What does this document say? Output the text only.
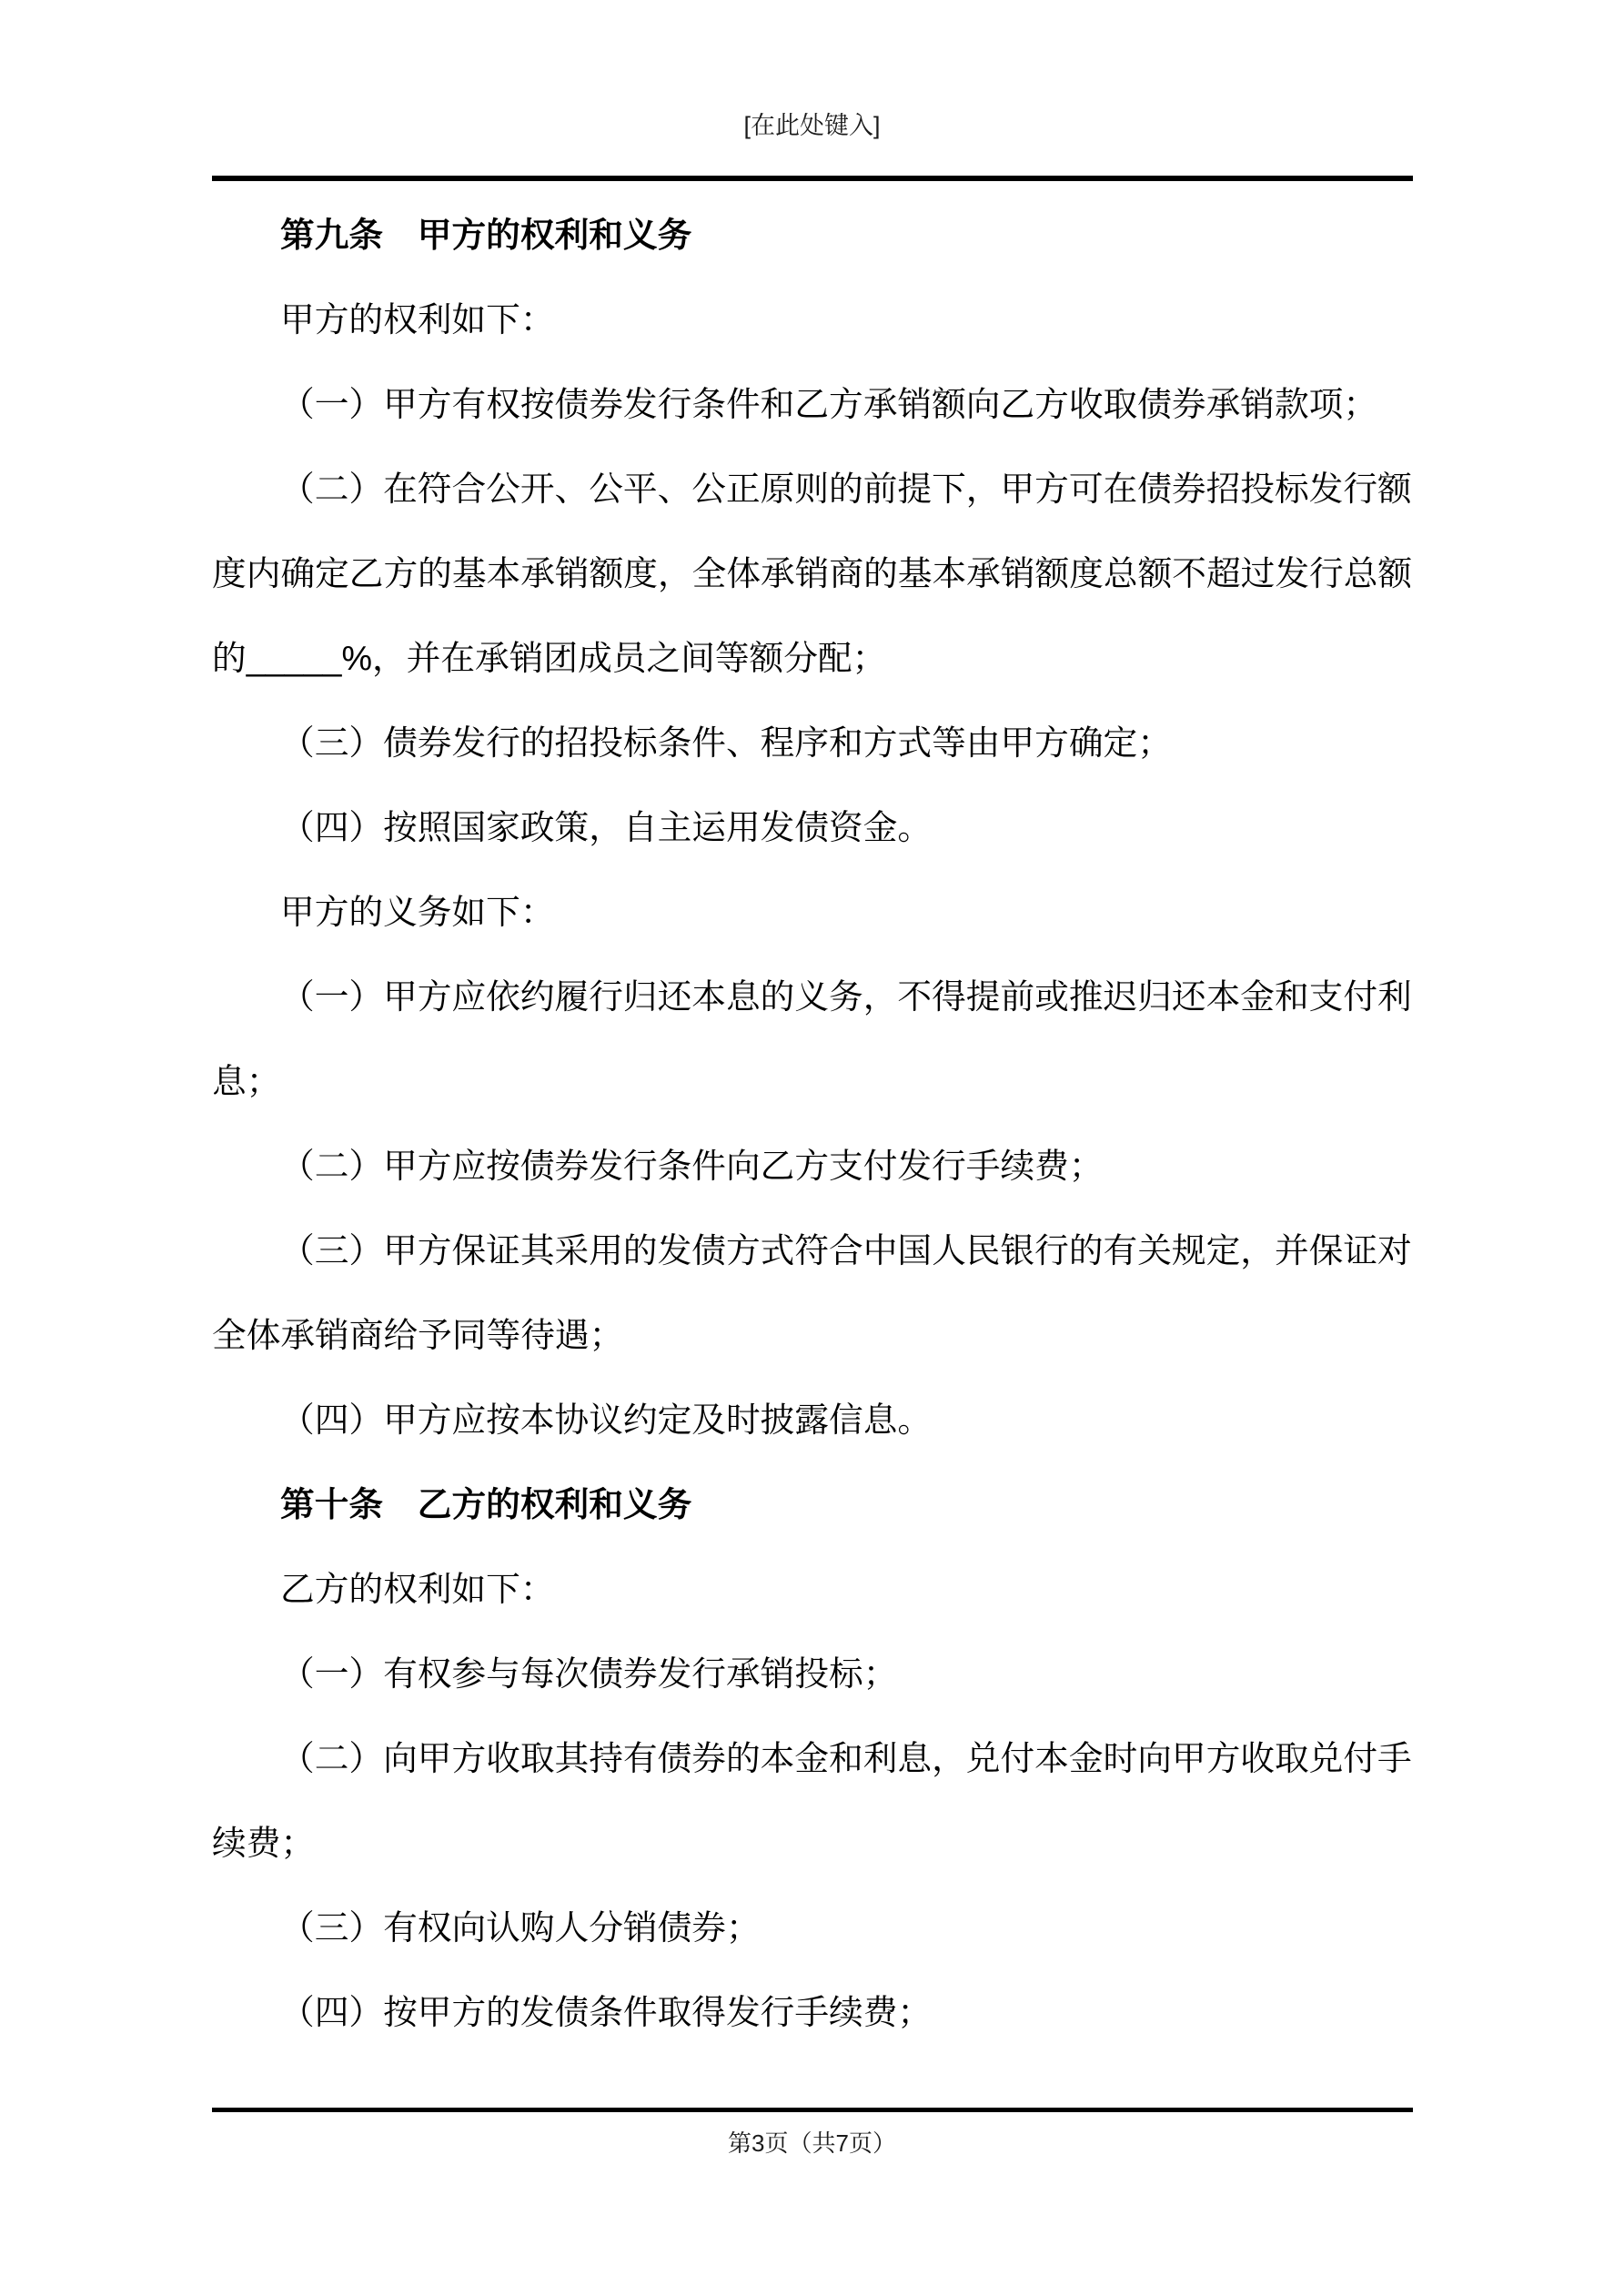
[在此处键入]
第九条　甲方的权利和义务
甲方的权利如下：
（一）甲方有权按债券发行条件和乙方承销额向乙方收取债券承销款项；
（二）在符合公开、公平、公正原则的前提下，甲方可在债券招投标发行额
度内确定乙方的基本承销额度，全体承销商的基本承销额度总额不超过发行总额
的_____%，并在承销团成员之间等额分配；
（三）债券发行的招投标条件、程序和方式等由甲方确定；
（四）按照国家政策，自主运用发债资金。
甲方的义务如下：
（一）甲方应依约履行归还本息的义务，不得提前或推迟归还本金和支付利
息；
（二）甲方应按债券发行条件向乙方支付发行手续费；
（三）甲方保证其采用的发债方式符合中国人民银行的有关规定，并保证对
全体承销商给予同等待遇；
（四）甲方应按本协议约定及时披露信息。
第十条　乙方的权利和义务
乙方的权利如下：
（一）有权参与每次债券发行承销投标；
（二）向甲方收取其持有债券的本金和利息，兑付本金时向甲方收取兑付手
续费；
（三）有权向认购人分销债券；
（四）按甲方的发债条件取得发行手续费；
第3页（共7页）
